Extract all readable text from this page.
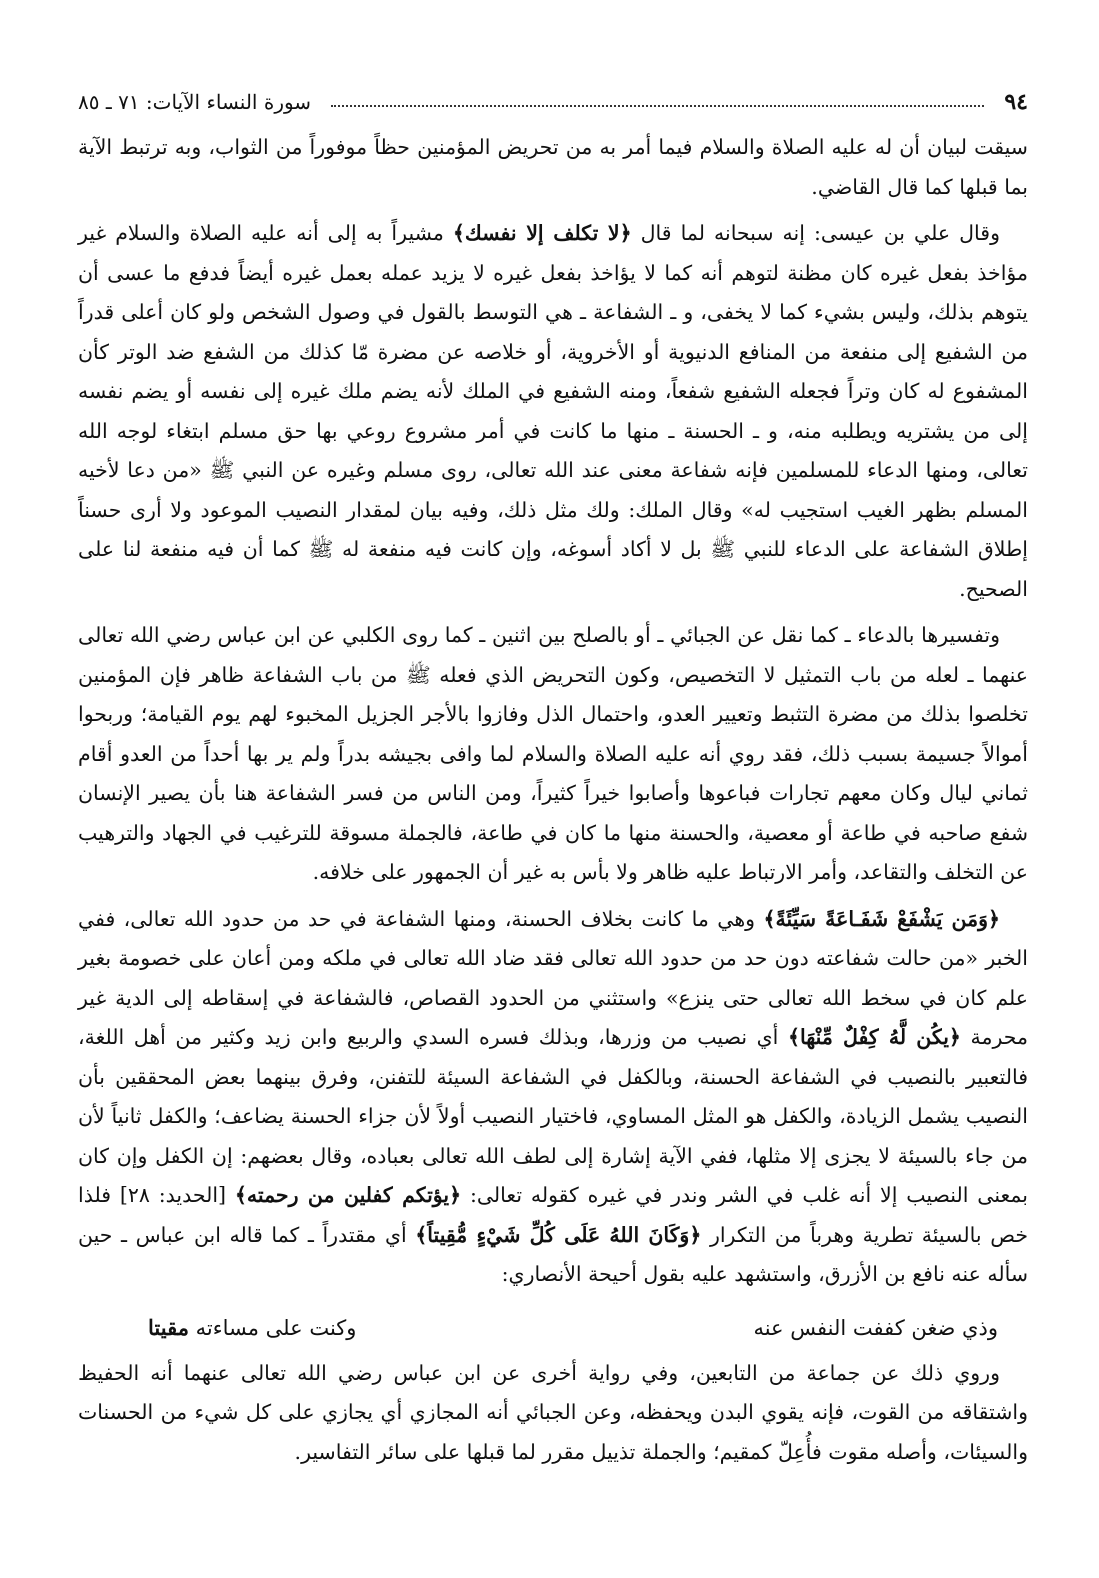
٩٤
سورة النساء الآيات: ٧١ ـ ٨٥

سيقت لبيان أن له عليه الصلاة والسلام فيما أمر به من تحريض المؤمنين حظاً موفوراً من الثواب، وبه ترتبط الآية بما قبلها كما قال القاضي.

وقال علي بن عيسى: إنه سبحانه لما قال ﴿لا تكلف إلا نفسك﴾ مشيراً به إلى أنه عليه الصلاة والسلام غير مؤاخذ بفعل غيره كان مظنة لتوهم أنه كما لا يؤاخذ بفعل غيره لا يزيد عمله بعمل غيره أيضاً فدفع ما عسى أن يتوهم بذلك، وليس بشيء كما لا يخفى، و ـ الشفاعة ـ هي التوسط بالقول في وصول الشخص ولو كان أعلى قدراً من الشفيع إلى منفعة من المنافع الدنيوية أو الأخروية، أو خلاصه عن مضرة مّا كذلك من الشفع ضد الوتر كأن المشفوع له كان وتراً فجعله الشفيع شفعاً، ومنه الشفيع في الملك لأنه يضم ملك غيره إلى نفسه أو يضم نفسه إلى من يشتريه ويطلبه منه، و ـ الحسنة ـ منها ما كانت في أمر مشروع روعي بها حق مسلم ابتغاء لوجه الله تعالى، ومنها الدعاء للمسلمين فإنه شفاعة معنى عند الله تعالى، روى مسلم وغيره عن النبي ﷺ «من دعا لأخيه المسلم بظهر الغيب استجيب له» وقال الملك: ولك مثل ذلك، وفيه بيان لمقدار النصيب الموعود ولا أرى حسناً إطلاق الشفاعة على الدعاء للنبي ﷺ بل لا أكاد أسوغه، وإن كانت فيه منفعة له ﷺ كما أن فيه منفعة لنا على الصحيح.

وتفسيرها بالدعاء ـ كما نقل عن الجبائي ـ أو بالصلح بين اثنين ـ كما روى الكلبي عن ابن عباس رضي الله تعالى عنهما ـ لعله من باب التمثيل لا التخصيص، وكون التحريض الذي فعله ﷺ من باب الشفاعة ظاهر فإن المؤمنين تخلصوا بذلك من مضرة التثبط وتعيير العدو، واحتمال الذل وفازوا بالأجر الجزيل المخبوء لهم يوم القيامة؛ وربحوا أموالاً جسيمة بسبب ذلك، فقد روي أنه عليه الصلاة والسلام لما وافى بجيشه بدراً ولم ير بها أحداً من العدو أقام ثماني ليال وكان معهم تجارات فباعوها وأصابوا خيراً كثيراً، ومن الناس من فسر الشفاعة هنا بأن يصير الإنسان شفع صاحبه في طاعة أو معصية، والحسنة منها ما كان في طاعة، فالجملة مسوقة للترغيب في الجهاد والترهيب عن التخلف والتقاعد، وأمر الارتباط عليه ظاهر ولا بأس به غير أن الجمهور على خلافه.

﴿وَمَن يَشْفَعْ شَفَـاعَةً سَيِّئَةً﴾ وهي ما كانت بخلاف الحسنة، ومنها الشفاعة في حد من حدود الله تعالى، ففي الخبر «من حالت شفاعته دون حد من حدود الله تعالى فقد ضاد الله تعالى في ملكه ومن أعان على خصومة بغير علم كان في سخط الله تعالى حتى ينزع» واستثني من الحدود القصاص، فالشفاعة في إسقاطه إلى الدية غير محرمة ﴿يكُن لَّهُ كِفْلٌ مِّنْهَا﴾ أي نصيب من وزرها، وبذلك فسره السدي والربيع وابن زيد وكثير من أهل اللغة، فالتعبير بالنصيب في الشفاعة الحسنة، وبالكفل في الشفاعة السيئة للتفنن، وفرق بينهما بعض المحققين بأن النصيب يشمل الزيادة، والكفل هو المثل المساوي، فاختيار النصيب أولاً لأن جزاء الحسنة يضاعف؛ والكفل ثانياً لأن من جاء بالسيئة لا يجزى إلا مثلها، ففي الآية إشارة إلى لطف الله تعالى بعباده، وقال بعضهم: إن الكفل وإن كان بمعنى النصيب إلا أنه غلب في الشر وندر في غيره كقوله تعالى: ﴿يؤتكم كفلين من رحمته﴾ [الحديد: ٢٨] فلذا خص بالسيئة تطرية وهرباً من التكرار ﴿وَكَانَ اللهُ عَلَى كُلِّ شَيْءٍ مُّقِيتاً﴾ أي مقتدراً ـ كما قاله ابن عباس ـ حين سأله عنه نافع بن الأزرق، واستشهد عليه بقول أحيحة الأنصاري:

وذي ضغن كففت النفس عنه
وكنت على مساءته مقيتا

وروي ذلك عن جماعة من التابعين، وفي رواية أخرى عن ابن عباس رضي الله تعالى عنهما أنه الحفيظ واشتقاقه من القوت، فإنه يقوي البدن ويحفظه، وعن الجبائي أنه المجازي أي يجازي على كل شيء من الحسنات والسيئات، وأصله مقوت فأُعِلّ كمقيم؛ والجملة تذييل مقرر لما قبلها على سائر التفاسير.
